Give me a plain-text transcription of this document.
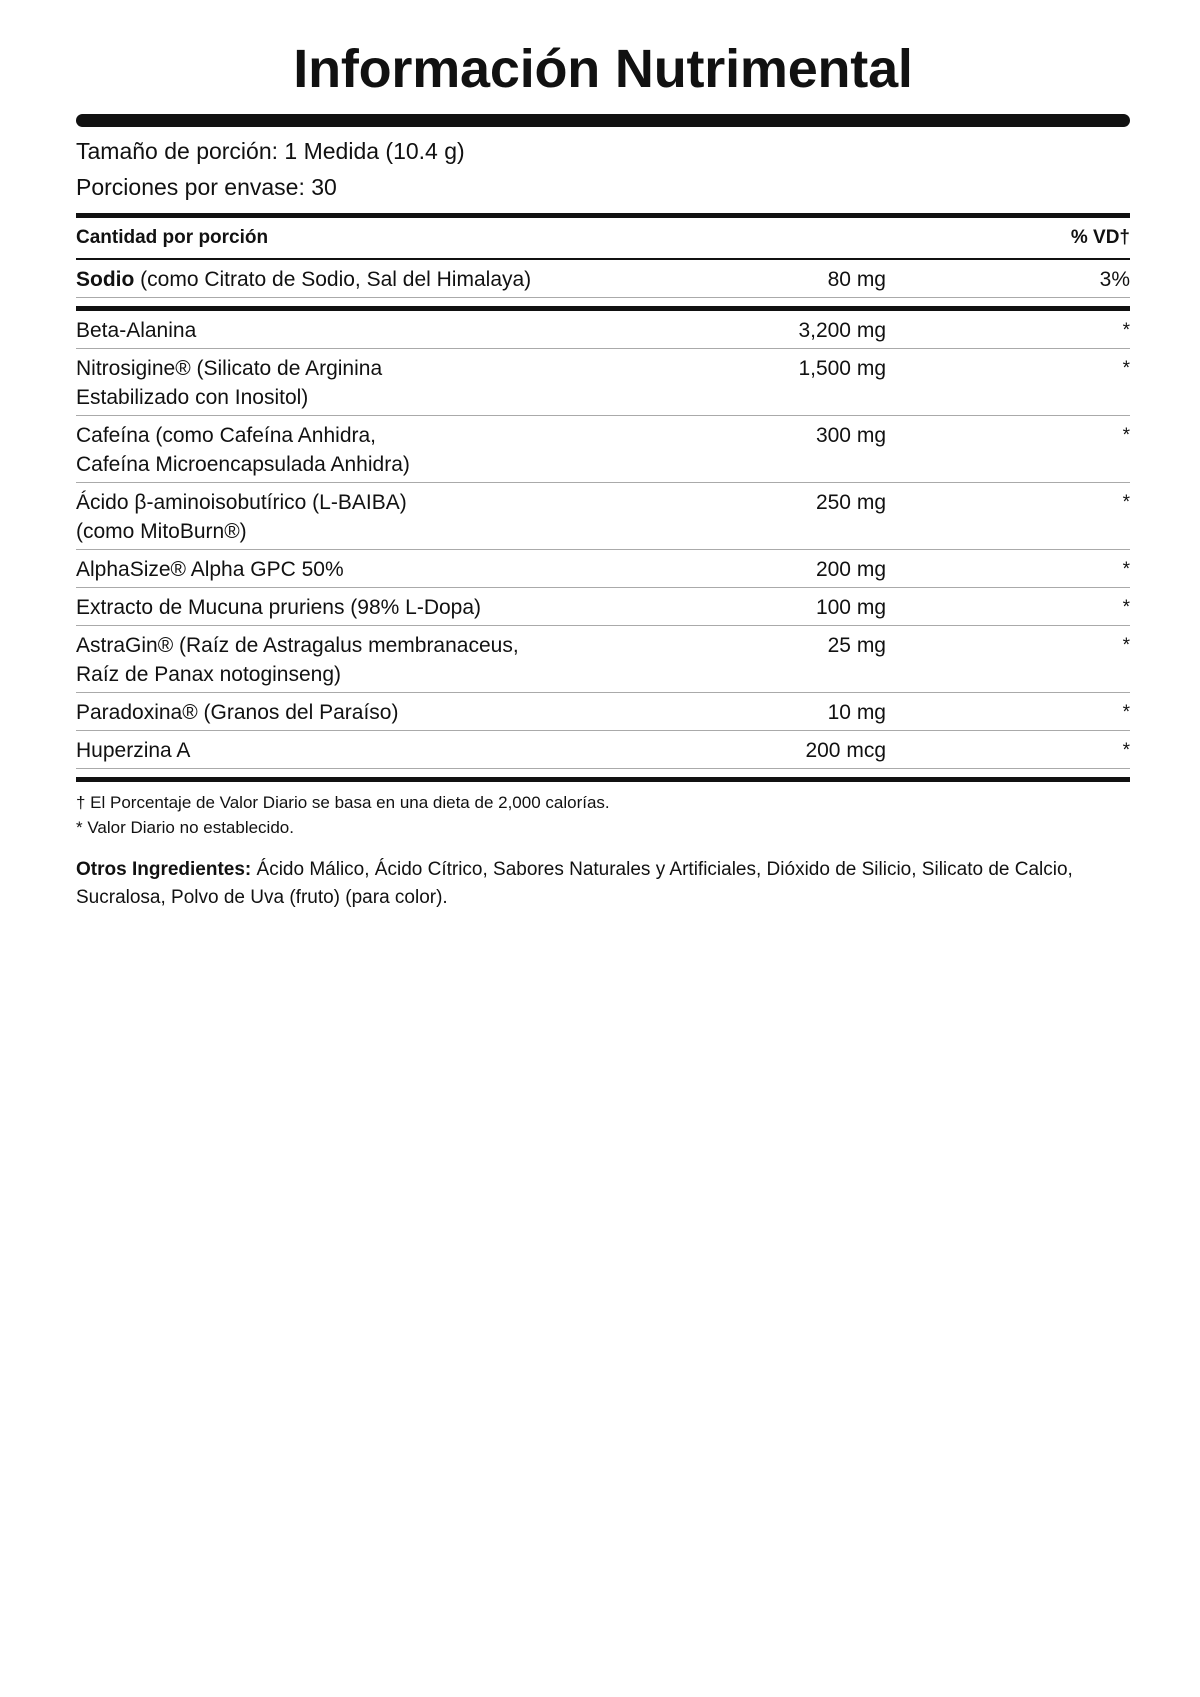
Información Nutrimental
Tamaño de porción: 1 Medida (10.4 g)
Porciones por envase: 30
Cantidad por porción	% VD†
Sodio (como Citrato de Sodio, Sal del Himalaya)	80 mg	3%
Beta-Alanina	3,200 mg	*
Nitrosigine® (Silicato de Arginina
Estabilizado con Inositol)
1,500 mg	*
Cafeína (como Cafeína Anhidra,
Cafeína Microencapsulada Anhidra)
300 mg	*
Ácido β-aminoisobutírico (L-BAIBA)
(como MitoBurn®)
250 mg	*
AlphaSize® Alpha GPC 50%	200 mg	*
Extracto de Mucuna pruriens (98% L-Dopa)	100 mg	*
AstraGin® (Raíz de Astragalus membranaceus,
Raíz de Panax notoginseng)
25 mg	*
Paradoxina® (Granos del Paraíso)	10 mg	*
Huperzina A	200 mcg	*
† El Porcentaje de Valor Diario se basa en una dieta de 2,000 calorías.
* Valor Diario no establecido.
Otros Ingredientes: Ácido Málico, Ácido Cítrico, Sabores Naturales y Artificiales, Dióxido de Silicio, Silicato de Calcio, Sucralosa, Polvo de Uva (fruto) (para color).
